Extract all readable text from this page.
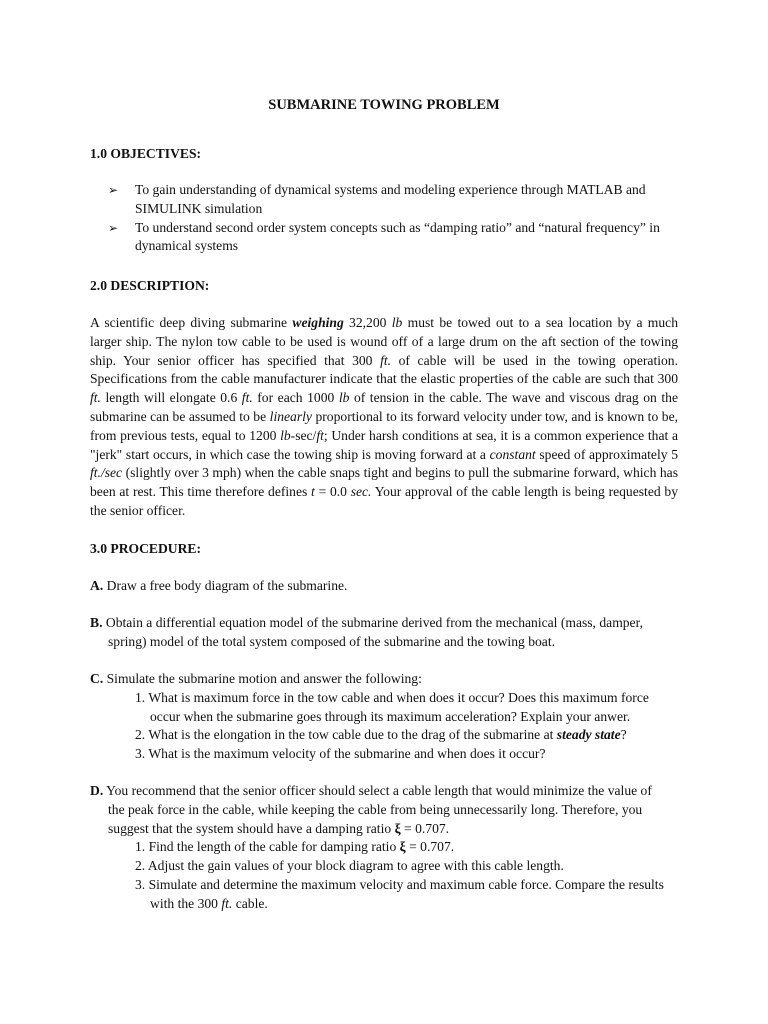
SUBMARINE TOWING PROBLEM
1.0 OBJECTIVES:
➢ To gain understanding of dynamical systems and modeling experience through MATLAB and
SIMULINK simulation
➢ To understand second order system concepts such as “damping ratio” and “natural frequency” in
dynamical systems
2.0 DESCRIPTION:

A scientific deep diving submarine weighing 32,200 lb must be towed out to a sea location by a much larger ship. The nylon tow cable to be used is wound off of a large drum on the aft section of the towing ship. Your senior officer has specified that 300 ft. of cable will be used in the towing operation. Specifications from the cable manufacturer indicate that the elastic properties of the cable are such that 300 ft. length will elongate 0.6 ft. for each 1000 lb of tension in the cable. The wave and viscous drag on the submarine can be assumed to be linearly proportional to its forward velocity under tow, and is known to be, from previous tests, equal to 1200 lb-sec/ft; Under harsh conditions at sea, it is a common experience that a "jerk" start occurs, in which case the towing ship is moving forward at a constant speed of approximately 5 ft./sec (slightly over 3 mph) when the cable snaps tight and begins to pull the submarine forward, which has been at rest. This time therefore defines t = 0.0 sec. Your approval of the cable length is being requested by the senior officer.

3.0 PROCEDURE:
A. Draw a free body diagram of the submarine.
B. Obtain a differential equation model of the submarine derived from the mechanical (mass, damper,
spring) model of the total system composed of the submarine and the towing boat.
C. Simulate the submarine motion and answer the following:
1. What is maximum force in the tow cable and when does it occur? Does this maximum force
occur when the submarine goes through its maximum acceleration? Explain your anwer.
2. What is the elongation in the tow cable due to the drag of the submarine at steady state?
3. What is the maximum velocity of the submarine and when does it occur?
D. You recommend that the senior officer should select a cable length that would minimize the value of
the peak force in the cable, while keeping the cable from being unnecessarily long. Therefore, you
suggest that the system should have a damping ratio ξ = 0.707.
1. Find the length of the cable for damping ratio ξ = 0.707.
2. Adjust the gain values of your block diagram to agree with this cable length.
3. Simulate and determine the maximum velocity and maximum cable force. Compare the results
with the 300 ft. cable.
